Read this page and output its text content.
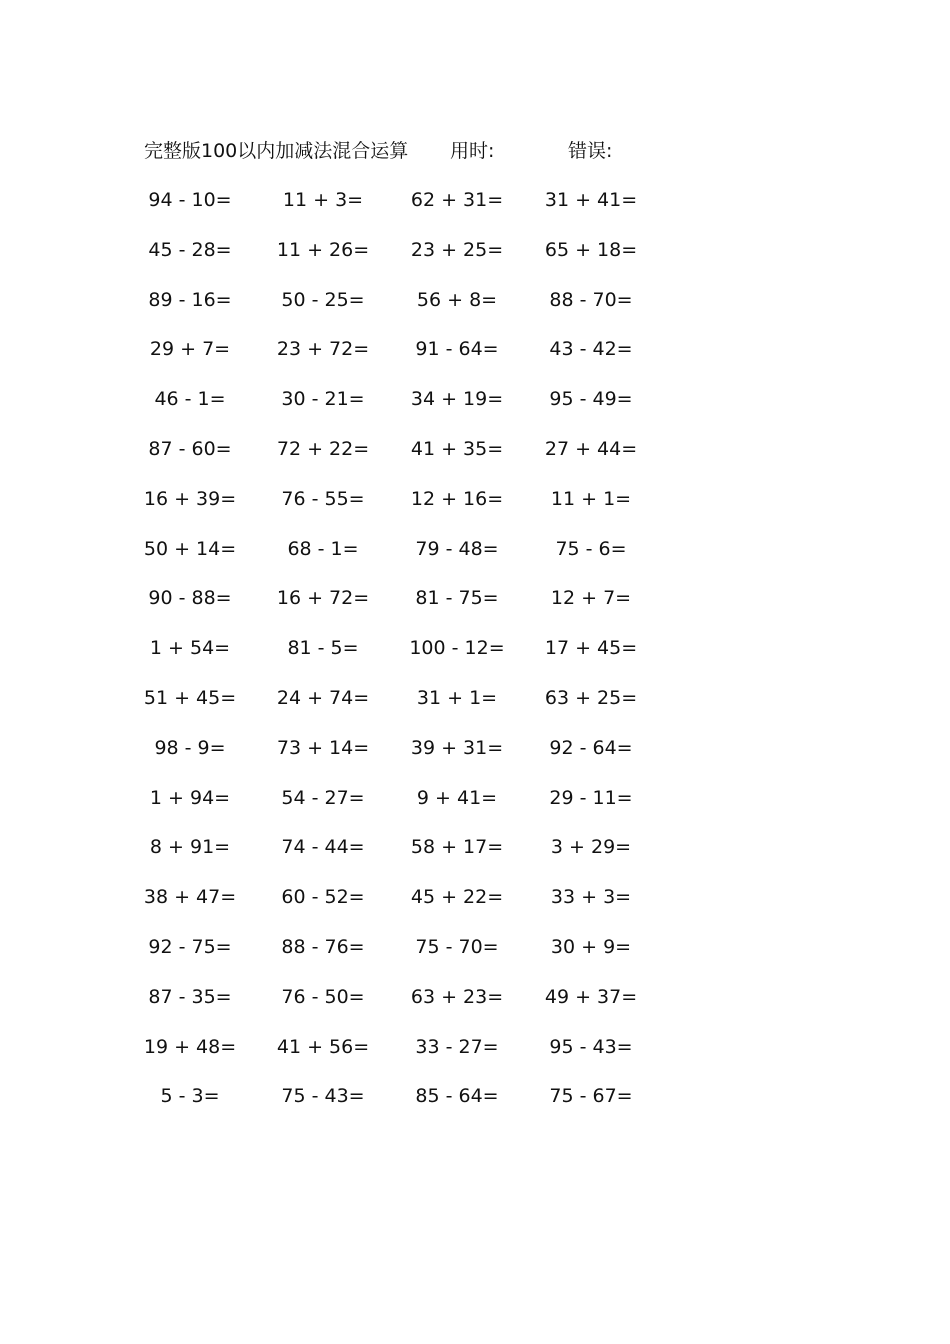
完整版100以内加减法混合运算 用时:	错误:
94 - 10=	11 + 3=	62 + 31=	31 + 41=
45 - 28=	11 + 26=	23 + 25=	65 + 18=
89 - 16=	50 - 25=	56 + 8=	88 - 70=
29 + 7=	23 + 72=	91 - 64=	43 - 42=
46 - 1=	30 - 21=	34 + 19=	95 - 49=
87 - 60=	72 + 22=	41 + 35=	27 + 44=
16 + 39=	76 - 55=	12 + 16=	11 + 1=
50 + 14=	68 - 1=	79 - 48=	75 - 6=
90 - 88=	16 + 72=	81 - 75=	12 + 7=
1 + 54=	81 - 5=	100 - 12=	17 + 45=
51 + 45=	24 + 74=	31 + 1=	63 + 25=
98 - 9=	73 + 14=	39 + 31=	92 - 64=
1 + 94=	54 - 27=	9 + 41=	29 - 11=
8 + 91=	74 - 44=	58 + 17=	3 + 29=
38 + 47=	60 - 52=	45 + 22=	33 + 3=
92 - 75=	88 - 76=	75 - 70=	30 + 9=
87 - 35=	76 - 50=	63 + 23=	49 + 37=
19 + 48=	41 + 56=	33 - 27=	95 - 43=
5 - 3=	75 - 43=	85 - 64=	75 - 67=
